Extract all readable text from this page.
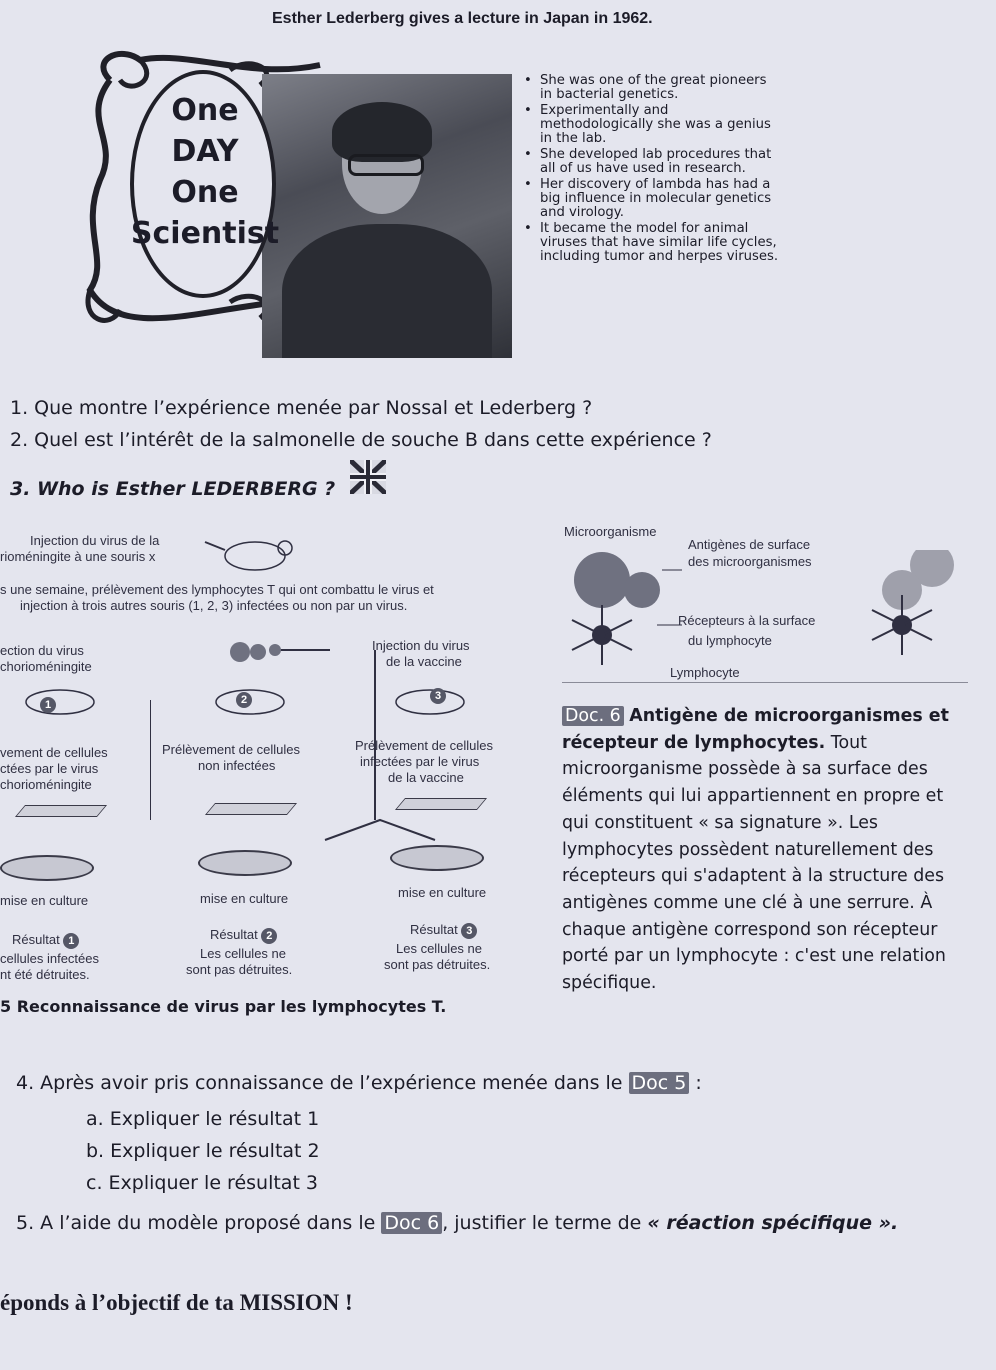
Esther Lederberg gives a lecture in Japan in 1962.
One
DAY
One
Scientist
• She was one of the great pioneers in bacterial genetics.
• Experimentally and methodologically she was a genius in the lab.
• She developed lab procedures that all of us have used in research.
• Her discovery of lambda has had a big influence in molecular genetics and virology.
• It became the model for animal viruses that have similar life cycles, including tumor and herpes viruses.
1. Que montre l’expérience menée par Nossal et Lederberg ?
2. Quel est l’intérêt de la salmonelle de souche B dans cette expérience ?
3. Who is Esther LEDERBERG ?
Injection du virus de la
rioméningite à une souris x
s une semaine, prélèvement des lymphocytes T qui ont combattu le virus et
injection à trois autres souris (1, 2, 3) infectées ou non par un virus.
ection du virus
chorioméningite
Injection du virus
de la vaccine
1	2	3
vement de cellules
ctées par le virus
chorioméningite
Prélèvement de cellules
non infectées
Prélèvement de cellules
infectées par le virus
de la vaccine
mise en culture	mise en culture	mise en culture
Résultat 1
cellules infectées
nt été détruites.
Résultat 2
Les cellules ne
sont pas détruites.
Résultat 3
Les cellules ne
sont pas détruites.
5 Reconnaissance de virus par les lymphocytes T.
Microorganisme
Antigènes de surface
des microorganismes
Récepteurs à la surface
du lymphocyte
Lymphocyte
Doc. 6 Antigène de microorganismes et récepteur de lymphocytes. Tout microorganisme possède à sa surface des éléments qui lui appartiennent en propre et qui constituent « sa signature ». Les lymphocytes possèdent naturellement des récepteurs qui s'adaptent à la structure des antigènes comme une clé à une serrure. À chaque antigène correspond son récepteur porté par un lymphocyte : c'est une relation spécifique.
4. Après avoir pris connaissance de l’expérience menée dans le Doc 5 :
a. Expliquer le résultat 1
b. Expliquer le résultat 2
c. Expliquer le résultat 3
5. A l’aide du modèle proposé dans le Doc 6 , justifier le terme de « réaction spécifique ».
éponds à l’objectif de ta MISSION !
